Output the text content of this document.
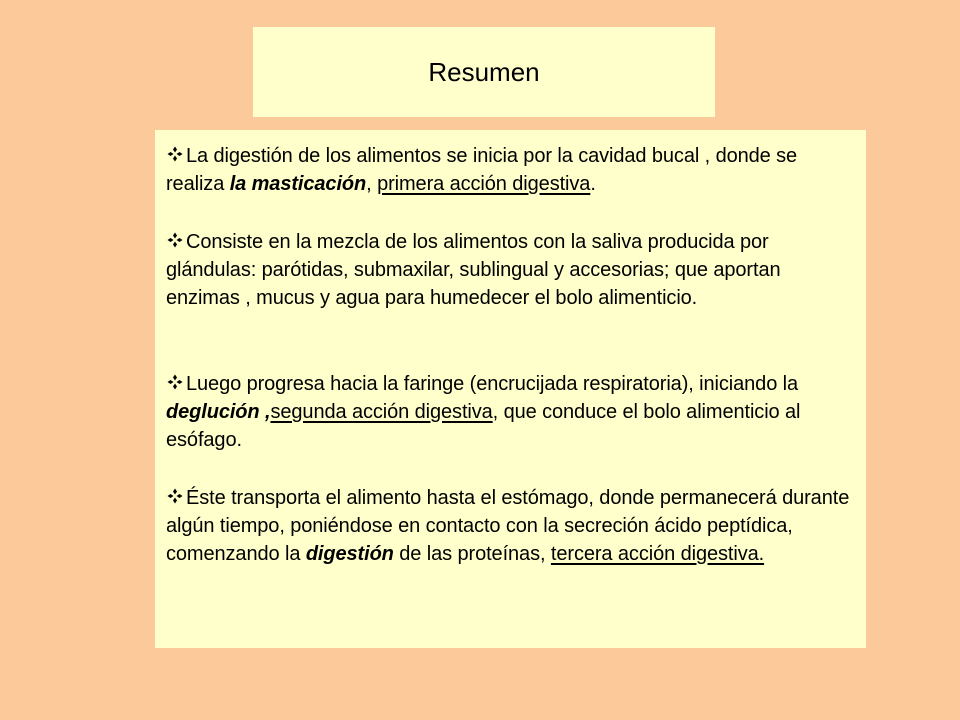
Resumen

La digestión de los alimentos se inicia por la cavidad bucal , donde se realiza la masticación, primera acción digestiva.

Consiste en la mezcla de los alimentos con la saliva producida por glándulas: parótidas, submaxilar, sublingual y accesorias; que aportan enzimas , mucus y agua para humedecer el bolo alimenticio.

Luego progresa hacia la faringe (encrucijada respiratoria), iniciando la deglución ,segunda acción digestiva, que conduce el bolo alimenticio al esófago.

Éste transporta el alimento hasta el estómago, donde permanecerá durante algún tiempo, poniéndose en contacto con la secreción ácido peptídica, comenzando la digestión de las proteínas, tercera acción digestiva.
